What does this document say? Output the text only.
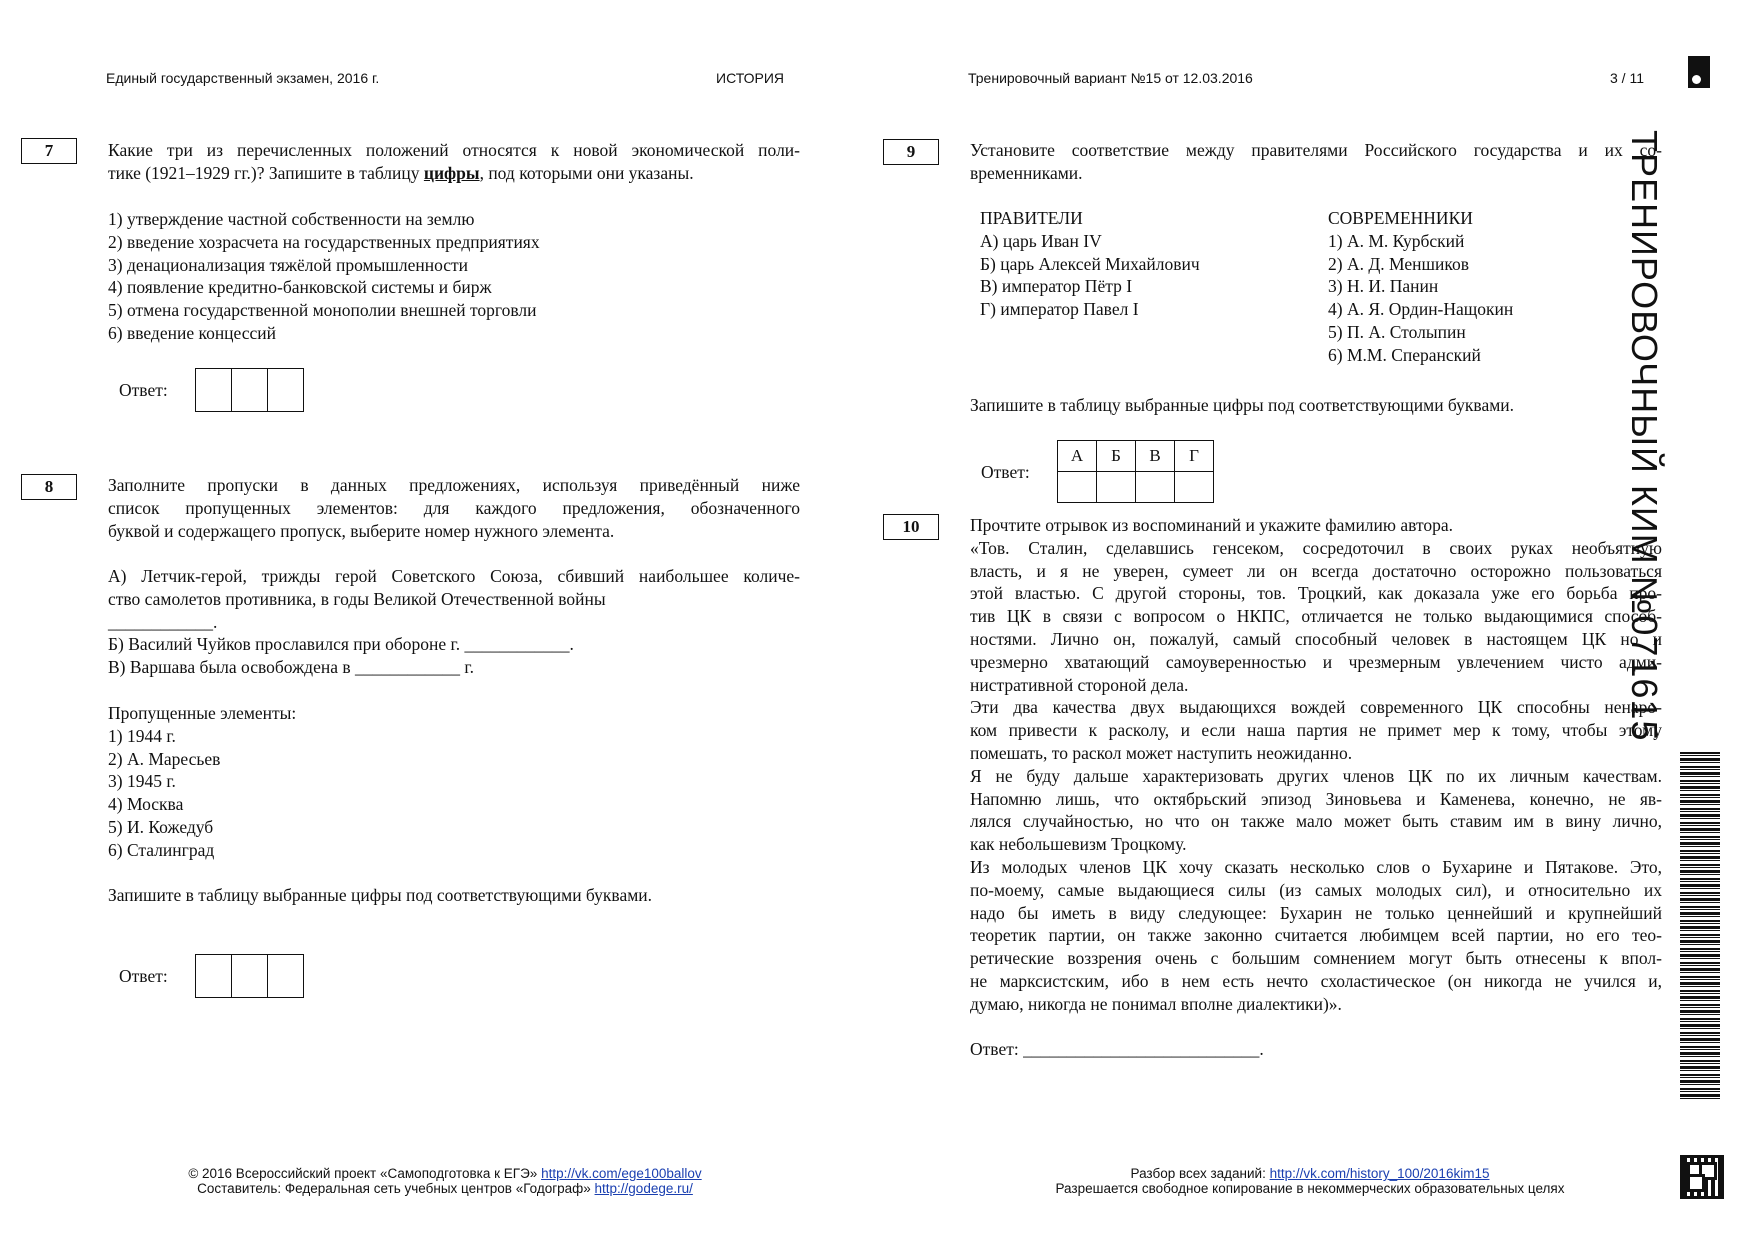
Единый государственный экзамен, 2016 г.	ИСТОРИЯ	Тренировочный вариант №15 от 12.03.2016	3 / 11
ТРЕНИРОВОЧНЫЙ КИМ №071615
7	Какие три из перечисленных положений относятся к новой экономической поли-
тике (1921–1929 гг.)? Запишите в таблицу цифры, под которыми они указаны.
1) утверждение частной собственности на землю
2) введение хозрасчета на государственных предприятиях
3) денационализация тяжёлой промышленности
4) появление кредитно-банковской системы и бирж
5) отмена государственной монополии внешней торговли
6) введение концессий
Ответ:
8	Заполните пропуски в данных предложениях, используя приведённый ниже
список пропущенных элементов: для каждого предложения, обозначенного
буквой и содержащего пропуск, выберите номер нужного элемента.
А) Летчик-герой, трижды герой Советского Союза, сбивший наибольшее количе-
ство самолетов противника, в годы Великой Отечественной войны
____________.
Б) Василий Чуйков прославился при обороне г. ____________.
В) Варшава была освобождена в ____________ г.
Пропущенные элементы:
1) 1944 г.
2) А. Маресьев
3) 1945 г.
4) Москва
5) И. Кожедуб
6) Сталинград
Запишите в таблицу выбранные цифры под соответствующими буквами.
Ответ:
9	Установите соответствие между правителями Российского государства и их со-
временниками.
ПРАВИТЕЛИ
А) царь Иван IV
Б) царь Алексей Михайлович
В) император Пётр I
Г) император Павел I
СОВРЕМЕННИКИ
1) А. М. Курбский
2) А. Д. Меншиков
3) Н. И. Панин
4) А. Я. Ордин-Нащокин
5) П. А. Столыпин
6) М.М. Сперанский
Запишите в таблицу выбранные цифры под соответствующими буквами.
Ответ:
А	Б	В	Г

10	Прочтите отрывок из воспоминаний и укажите фамилию автора.
«Тов. Сталин, сделавшись генсеком, сосредоточил в своих руках необъятную
власть, и я не уверен, сумеет ли он всегда достаточно осторожно пользоваться
этой властью. С другой стороны, тов. Троцкий, как доказала уже его борьба про-
тив ЦК в связи с вопросом о НКПС, отличается не только выдающимися способ-
ностями. Лично он, пожалуй, самый способный человек в настоящем ЦК но и
чрезмерно хватающий самоуверенностью и чрезмерным увлечением чисто адми-
нистративной стороной дела.
Эти два качества двух выдающихся вождей современного ЦК способны ненаро-
ком привести к расколу, и если наша партия не примет мер к тому, чтобы этому
помешать, то раскол может наступить неожиданно.
Я не буду дальше характеризовать других членов ЦК по их личным качествам.
Напомню лишь, что октябрьский эпизод Зиновьева и Каменева, конечно, не яв-
лялся случайностью, но что он также мало может быть ставим им в вину лично,
как небольшевизм Троцкому.
Из молодых членов ЦК хочу сказать несколько слов о Бухарине и Пятакове. Это,
по-моему, самые выдающиеся силы (из самых молодых сил), и относительно их
надо бы иметь в виду следующее: Бухарин не только ценнейший и крупнейший
теоретик партии, он также законно считается любимцем всей партии, но его тео-
ретические воззрения очень с большим сомнением могут быть отнесены к впол-
не марксистским, ибо в нем есть нечто схоластическое (он никогда не учился и,
думаю, никогда не понимал вполне диалектики)».
Ответ: ___________________________.
© 2016 Всероссийский проект «Самоподготовка к ЕГЭ» http://vk.com/ege100ballov
Составитель: Федеральная сеть учебных центров «Годограф» http://godege.ru/
Разбор всех заданий: http://vk.com/history_100/2016kim15
Разрешается свободное копирование в некоммерческих образовательных целях
